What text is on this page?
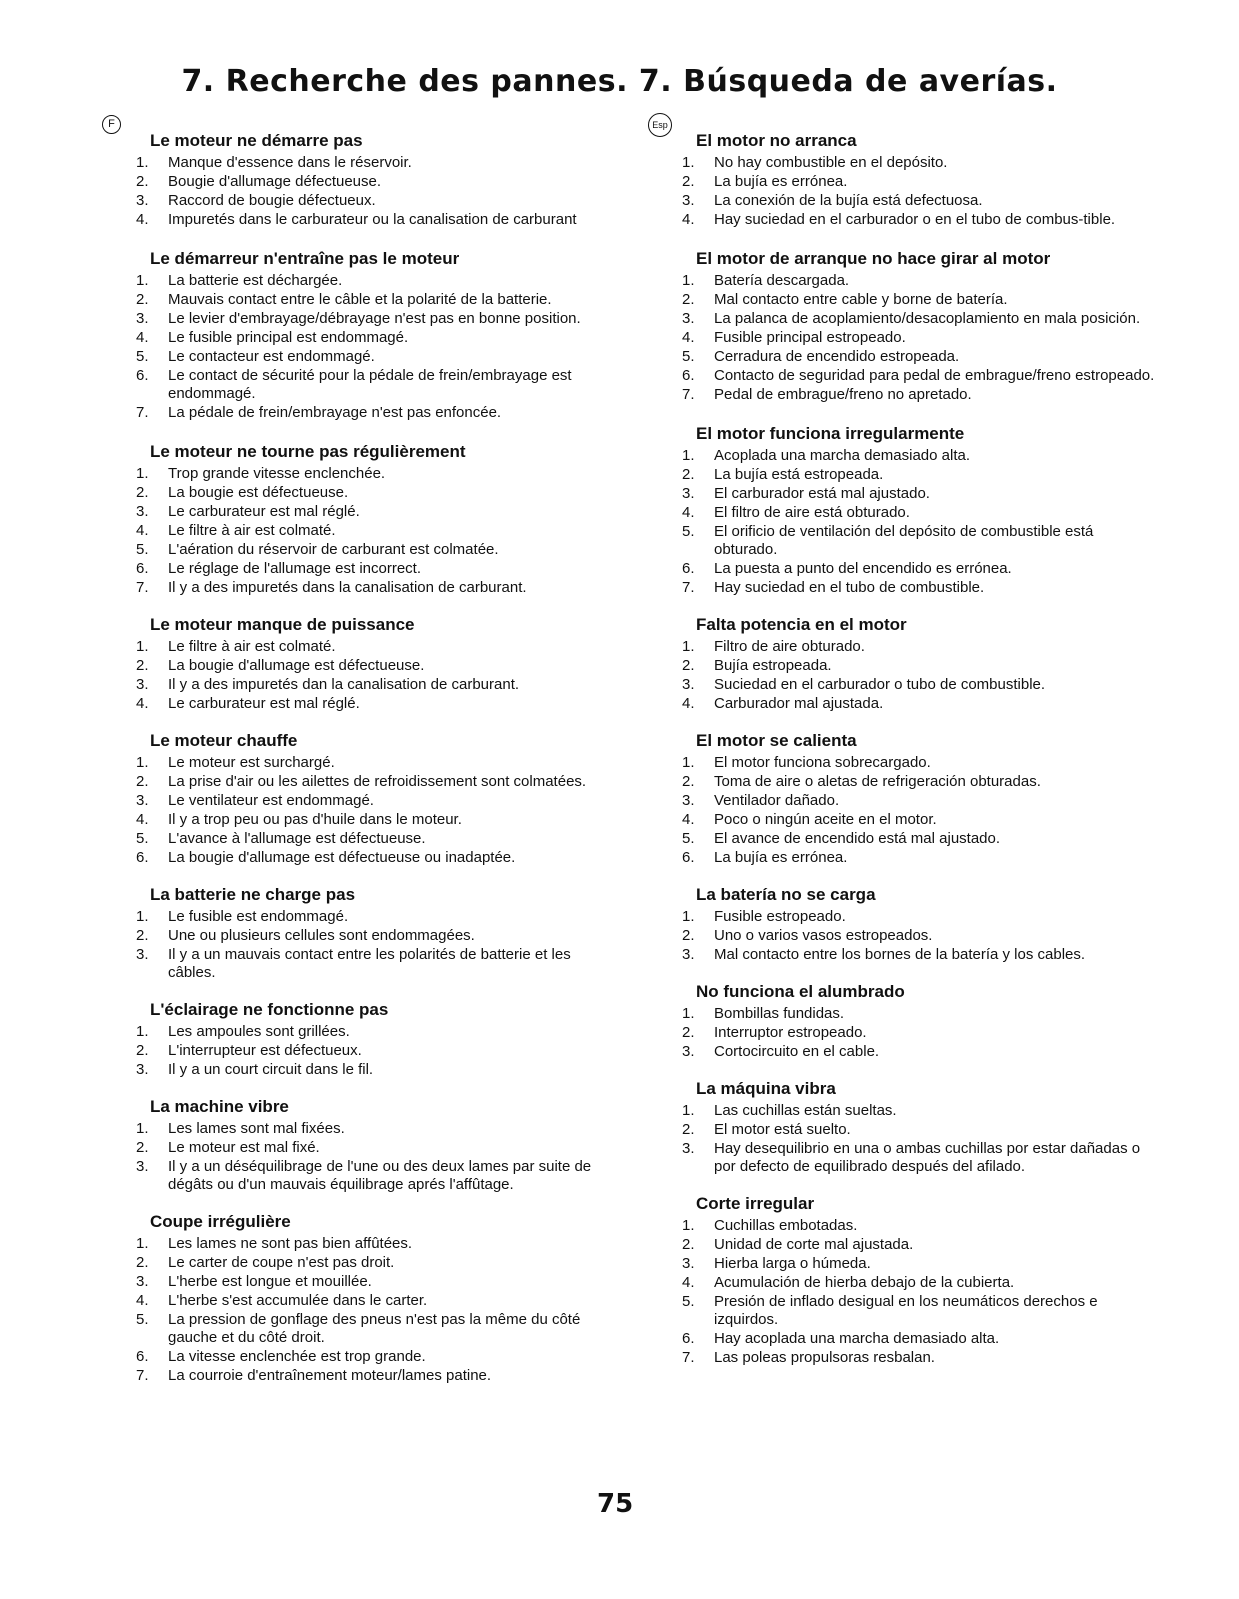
7. Recherche des pannes. 7. Búsqueda de averías.
F
Le moteur ne démarre pas
1.	Manque d'essence dans le réservoir.
2.	Bougie d'allumage défectueuse.
3.	Raccord de bougie défectueux.
4.	Impuretés dans le carburateur ou la canalisation de carburant
Le démarreur n'entraîne pas le moteur
1.	La batterie est déchargée.
2.	Mauvais contact entre le câble et la polarité de la batterie.
3.	Le levier d'embrayage/débrayage n'est pas en bonne position.
4.	Le fusible principal est endommagé.
5.	Le contacteur est endommagé.
6.	Le contact de sécurité pour la pédale de frein/embrayage est endommagé.
7.	La pédale de frein/embrayage n'est pas enfoncée.
Le moteur ne tourne pas régulièrement
1.	Trop grande vitesse enclenchée.
2.	La bougie est défectueuse.
3.	Le carburateur est mal réglé.
4.	Le filtre à air est colmaté.
5.	L'aération du réservoir de carburant est colmatée.
6.	Le réglage de l'allumage est incorrect.
7.	Il y a des impuretés dans la canalisation de carburant.
Le moteur manque de puissance
1.	Le filtre à air est colmaté.
2.	La bougie d'allumage est défectueuse.
3.	Il y a des impuretés dan la canalisation de carburant.
4.	Le carburateur est mal réglé.
Le moteur chauffe
1.	Le moteur est surchargé.
2.	La prise d'air ou les ailettes de refroidissement sont colmatées.
3.	Le ventilateur est endommagé.
4.	Il y a trop peu ou pas d'huile dans le moteur.
5.	L'avance à l'allumage est défectueuse.
6.	La bougie d'allumage est défectueuse ou inadaptée.
La batterie ne charge pas
1.	Le fusible est endommagé.
2.	Une ou plusieurs cellules sont endommagées.
3.	Il y a un mauvais contact entre les polarités de batterie et les câbles.
L'éclairage ne fonctionne pas
1.	Les ampoules sont grillées.
2.	L'interrupteur est défectueux.
3.	Il y a un court circuit dans le fil.
La machine vibre
1.	Les lames sont mal fixées.
2.	Le moteur est mal fixé.
3.	Il y a un déséquilibrage de l'une ou des deux lames par suite de dégâts ou d'un mauvais équilibrage aprés l'affûtage.
Coupe irrégulière
1.	Les lames ne sont pas bien affûtées.
2.	Le carter de coupe n'est pas droit.
3.	L'herbe est longue et mouillée.
4.	L'herbe s'est accumulée dans le carter.
5.	La pression de gonflage des pneus n'est pas la même du côté gauche et du côté droit.
6.	La vitesse enclenchée est trop grande.
7.	La courroie d'entraînement moteur/lames patine.
Esp
El motor no arranca
1.	No hay combustible en el depósito.
2.	La bujía es errónea.
3.	La conexión de la bujía está defectuosa.
4.	Hay suciedad en el carburador o en el tubo de combus-tible.
El motor de arranque no hace girar al motor
1.	Batería descargada.
2.	Mal contacto entre cable y borne de batería.
3.	La palanca de acoplamiento/desacoplamiento en mala posición.
4.	Fusible principal estropeado.
5.	Cerradura de encendido estropeada.
6.	Contacto de seguridad para pedal de embrague/freno estropeado.
7.	Pedal de embrague/freno no apretado.
El motor funciona irregularmente
1.	Acoplada una marcha demasiado alta.
2.	La bujía está estropeada.
3.	El carburador está mal ajustado.
4.	El filtro de aire está obturado.
5.	El orificio de ventilación del depósito de combustible está obturado.
6.	La puesta a punto del encendido es errónea.
7.	Hay suciedad en el tubo de combustible.
Falta potencia en el motor
1.	Filtro de aire obturado.
2.	Bujía estropeada.
3.	Suciedad en el carburador o tubo de combustible.
4.	Carburador mal ajustada.
El motor se calienta
1.	El motor funciona sobrecargado.
2.	Toma de aire o aletas de refrigeración obturadas.
3.	Ventilador dañado.
4.	Poco o ningún aceite en el motor.
5.	El avance de encendido está mal ajustado.
6.	La bujía es errónea.
La batería no se carga
1.	Fusible estropeado.
2.	Uno o varios vasos estropeados.
3.	Mal contacto entre los bornes de la batería y los cables.
No funciona el alumbrado
1.	Bombillas fundidas.
2.	Interruptor estropeado.
3.	Cortocircuito en el cable.
La máquina vibra
1.	Las cuchillas están sueltas.
2.	El motor está suelto.
3.	Hay desequilibrio en una o ambas cuchillas por estar dañadas o por defecto de equilibrado después del afilado.
Corte irregular
1.	Cuchillas embotadas.
2.	Unidad de corte mal ajustada.
3.	Hierba larga o húmeda.
4.	Acumulación de hierba debajo de la cubierta.
5.	Presión de inflado desigual en los neumáticos derechos e izquirdos.
6.	Hay acoplada una marcha demasiado alta.
7.	Las poleas propulsoras resbalan.
75
